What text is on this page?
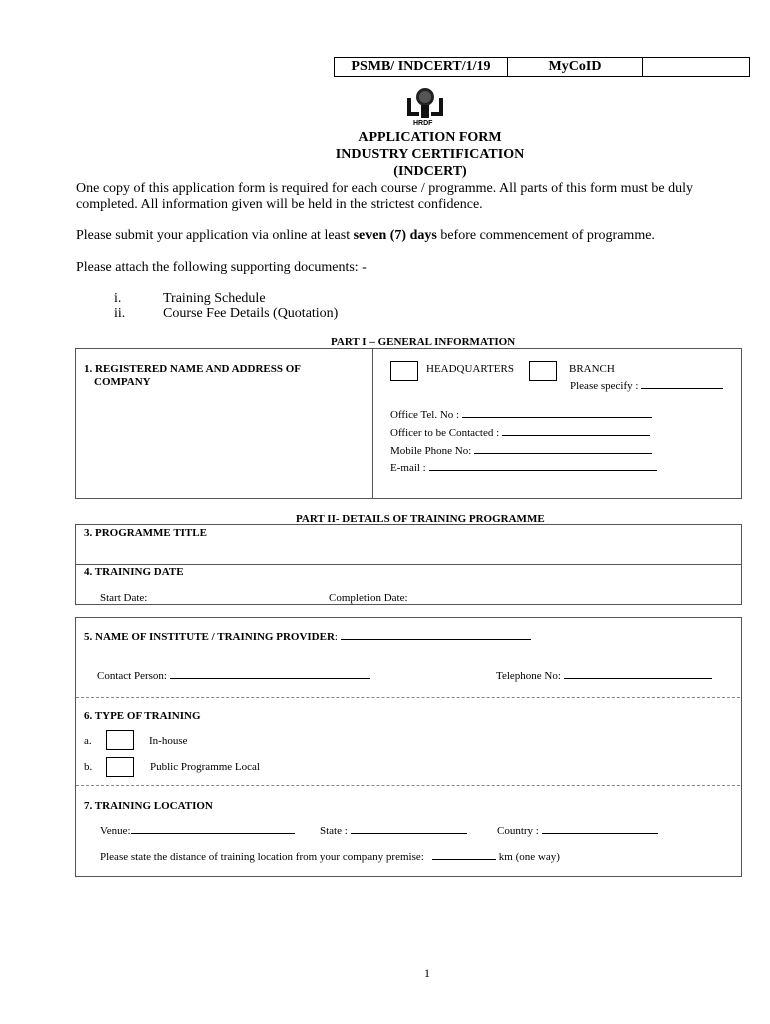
PSMB/ INDCERT/1/19	MyCoID
HRDF
APPLICATION FORM
INDUSTRY CERTIFICATION
(INDCERT)
One copy of this application form is required for each course / programme. All parts of this form must be duly
completed. All information given will be held in the strictest confidence.
Please submit your application via online at least seven (7) days before commencement of programme.
Please attach the following supporting documents: -
i.	Training Schedule
ii.	Course Fee Details (Quotation)
PART I – GENERAL INFORMATION
1. REGISTERED NAME AND ADDRESS OF
COMPANY
HEADQUARTERS	BRANCH
Please specify :
Office Tel. No :
Officer to be Contacted :
Mobile Phone No:
E-mail :
PART II- DETAILS OF TRAINING PROGRAMME
3. PROGRAMME TITLE
4. TRAINING DATE
Start Date:	Completion Date:
5. NAME OF INSTITUTE / TRAINING PROVIDER:
Contact Person:	Telephone No:
6. TYPE OF TRAINING
a.	In-house
b.	Public Programme Local
7. TRAINING LOCATION
Venue:	State :	Country :
Please state the distance of training location from your company premise:	km (one way)
1
